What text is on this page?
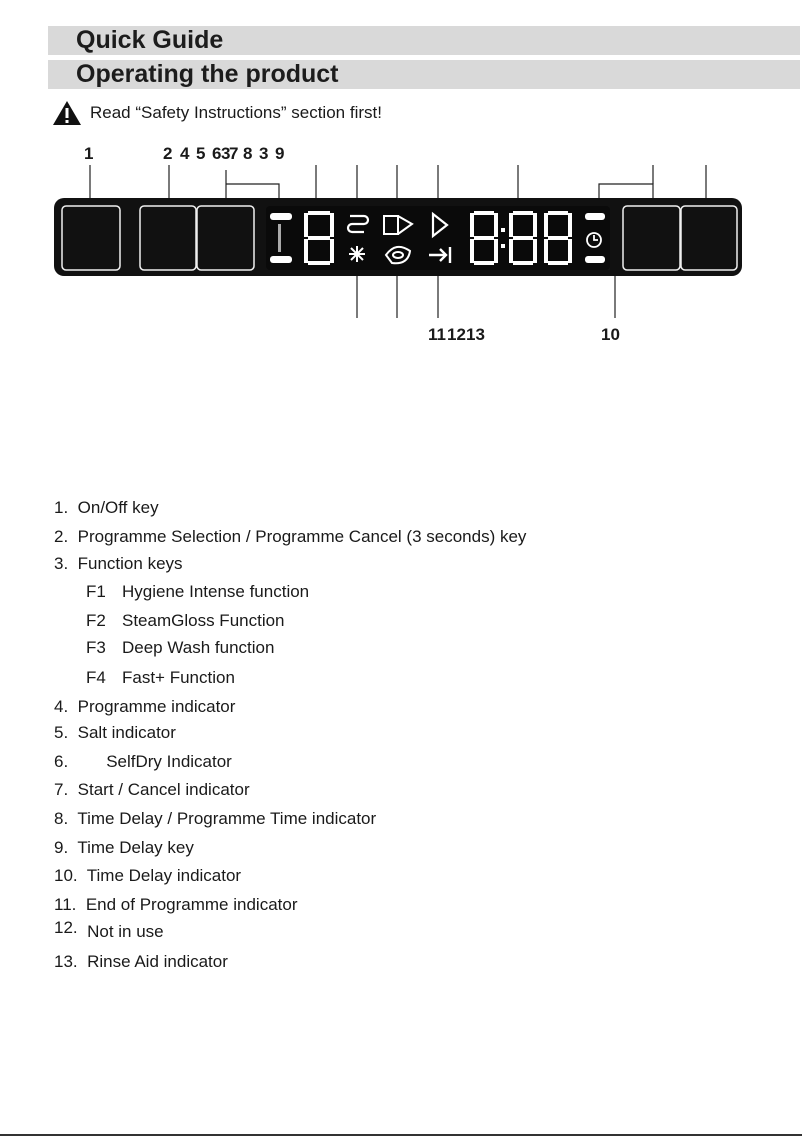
Quick Guide
Operating the product
Read “Safety Instructions” section first!
1	2 4 5 6 3
7 8 3 9
11 12 13	10
1. On/Off key
2. Programme Selection / Programme Cancel (3 seconds) key
3. Function keys
F1 Hygiene Intense function
F2 SteamGloss Function
F3 Deep Wash function
F4 Fast+ Function
4. Programme indicator
5. Salt indicator
6. SelfDry Indicator
7. Start / Cancel indicator
8. Time Delay / Programme Time indicator
9. Time Delay key
10. Time Delay indicator
11. End of Programme indicator
12. Not in use
13. Rinse Aid indicator
